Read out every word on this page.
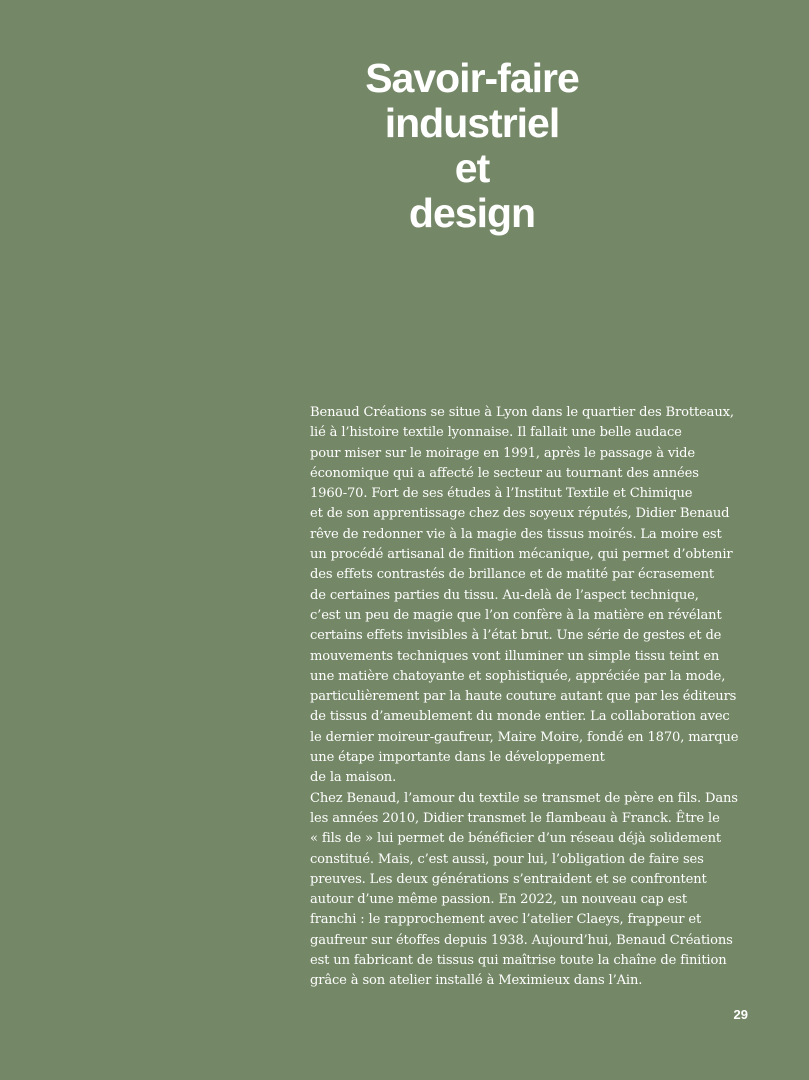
Savoir-faire
industriel
et
design
Benaud Créations se situe à Lyon dans le quartier des Brotteaux,
lié à l’histoire textile lyonnaise. Il fallait une belle audace
pour miser sur le moirage en 1991, après le passage à vide
économique qui a affecté le secteur au tournant des années
1960-70. Fort de ses études à l’Institut Textile et Chimique
et de son apprentissage chez des soyeux réputés, Didier Benaud
rêve de redonner vie à la magie des tissus moirés. La moire est
un procédé artisanal de finition mécanique, qui permet d’obtenir
des effets contrastés de brillance et de matité par écrasement
de certaines parties du tissu. Au-delà de l’aspect technique,
c’est un peu de magie que l’on confère à la matière en révélant
certains effets invisibles à l’état brut. Une série de gestes et de
mouvements techniques vont illuminer un simple tissu teint en
une matière chatoyante et sophistiquée, appréciée par la mode,
particulièrement par la haute couture autant que par les éditeurs
de tissus d’ameublement du monde entier. La collaboration avec
le dernier moireur-gaufreur, Maire Moire, fondé en 1870, marque
une étape importante dans le développement
de la maison.
Chez Benaud, l’amour du textile se transmet de père en fils. Dans
les années 2010, Didier transmet le flambeau à Franck. Être le
« fils de » lui permet de bénéficier d’un réseau déjà solidement
constitué. Mais, c’est aussi, pour lui, l’obligation de faire ses
preuves. Les deux générations s’entraident et se confrontent
autour d’une même passion. En 2022, un nouveau cap est
franchi : le rapprochement avec l’atelier Claeys, frappeur et
gaufreur sur étoffes depuis 1938. Aujourd’hui, Benaud Créations
est un fabricant de tissus qui maîtrise toute la chaîne de finition
grâce à son atelier installé à Meximieux dans l’Ain.
29
